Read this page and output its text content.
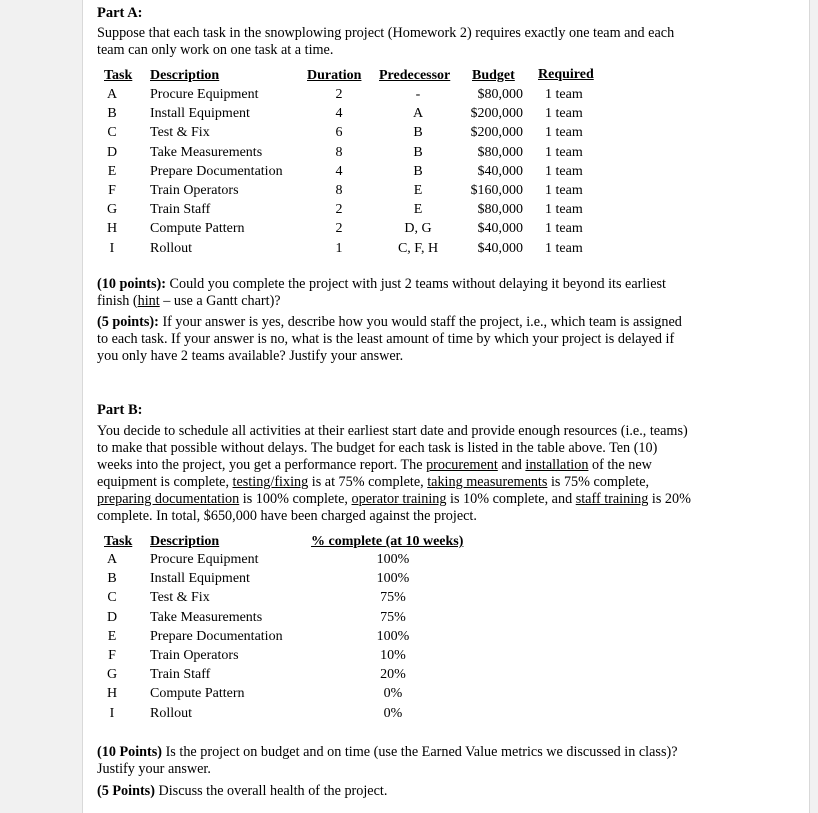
Part A:
Suppose that each task in the snowplowing project (Homework 2) requires exactly one team and each
team can only work on one task at a time.
Task Description	Duration Predecessor Budget Required
A	Procure Equipment	2	-	$80,000 1 team
B	Install Equipment	4	A	$200,000 1 team
C	Test & Fix	6	B	$200,000 1 team
D	Take Measurements	8	B	$80,000 1 team
E	Prepare Documentation	4	B	$40,000 1 team
F	Train Operators	8	E	$160,000 1 team
G	Train Staff	2	E	$80,000 1 team
H	Compute Pattern	2	D, G	$40,000 1 team
I	Rollout	1	C, F, H	$40,000 1 team
(10 points): Could you complete the project with just 2 teams without delaying it beyond its earliest
finish (hint – use a Gantt chart)?
(5 points): If your answer is yes, describe how you would staff the project, i.e., which team is assigned
to each task. If your answer is no, what is the least amount of time by which your project is delayed if
you only have 2 teams available? Justify your answer.
Part B:
You decide to schedule all activities at their earliest start date and provide enough resources (i.e., teams)
to make that possible without delays. The budget for each task is listed in the table above. Ten (10)
weeks into the project, you get a performance report. The procurement and installation of the new
equipment is complete, testing/fixing is at 75% complete, taking measurements is 75% complete,
preparing documentation is 100% complete, operator training is 10% complete, and staff training is 20%
complete. In total, $650,000 have been charged against the project.
Task Description	% complete (at 10 weeks)
A	Procure Equipment	100%
B	Install Equipment	100%
C	Test & Fix	75%
D	Take Measurements	75%
E	Prepare Documentation	100%
F	Train Operators	10%
G	Train Staff	20%
H	Compute Pattern	0%
I	Rollout	0%
(10 Points) Is the project on budget and on time (use the Earned Value metrics we discussed in class)?
Justify your answer.
(5 Points) Discuss the overall health of the project.
